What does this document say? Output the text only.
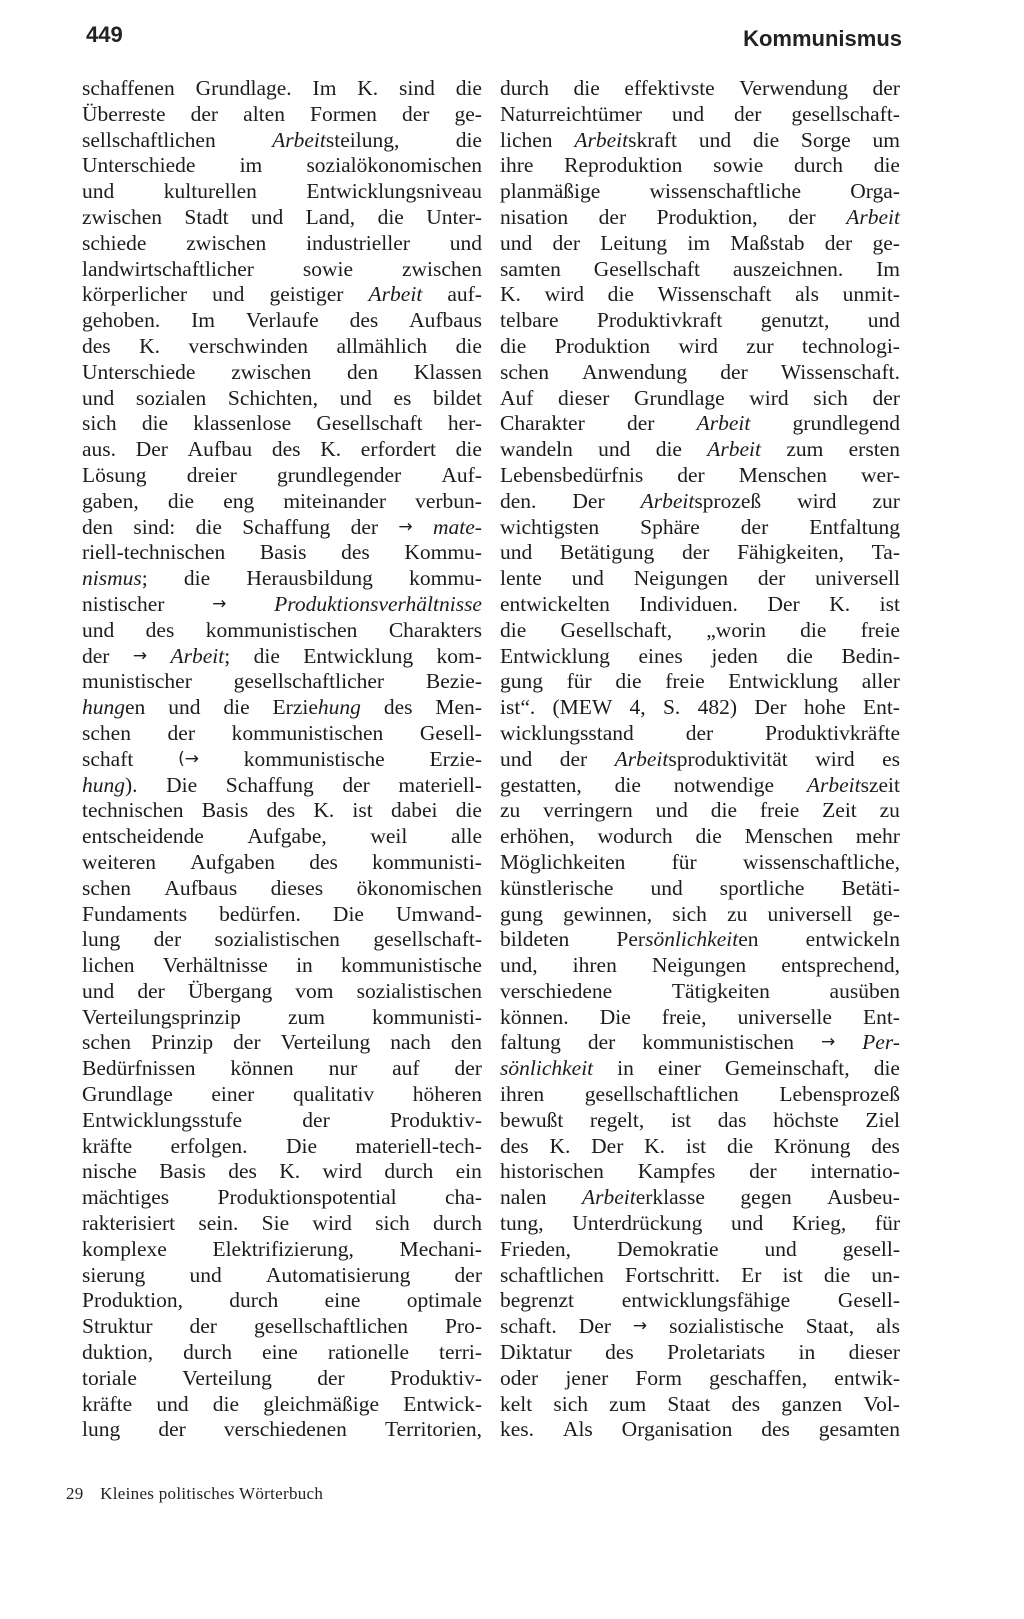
449	Kommunismus
schaffenen Grundlage. Im K. sind die
Überreste der alten Formen der ge-
sellschaftlichen	Arbeitsteilung,	die
Unterschiede im sozialökonomischen
und kulturellen Entwicklungsniveau
zwischen Stadt und Land, die Unter-
schiede zwischen industrieller und
landwirtschaftlicher sowie zwischen
körperlicher und geistiger Arbeit auf-
gehoben. Im Verlaufe des Aufbaus
des K. verschwinden allmählich die
Unterschiede zwischen den Klassen
und sozialen Schichten, und es bildet
sich die klassenlose Gesellschaft her-
aus. Der Aufbau des K. erfordert die
Lösung dreier grundlegender Auf-
gaben, die eng miteinander verbun-
den sind: die Schaffung der → mate-
riell-technischen Basis des Kommu-
nismus; die Herausbildung kommu-
nistischer	→ Produktionsverhältnisse
und des kommunistischen Charakters
der → Arbeit; die Entwicklung kom-
munistischer gesellschaftlicher Bezie-
hungen und die Erziehung des Men-
schen der kommunistischen Gesell-
schaft	(→ kommunistische Erzie-
hung). Die Schaffung der materiell-
technischen Basis des K. ist dabei die
entscheidende Aufgabe, weil alle
weiteren Aufgaben des kommunisti-
schen Aufbaus dieses ökonomischen
Fundaments bedürfen. Die Umwand-
lung der sozialistischen gesellschaft-
lichen Verhältnisse in kommunistische
und der Übergang vom sozialistischen
Verteilungsprinzip zum kommunisti-
schen Prinzip der Verteilung nach den
Bedürfnissen können nur auf der
Grundlage einer qualitativ höheren
Entwicklungsstufe	der	Produktiv-
kräfte erfolgen. Die materiell-tech-
nische Basis des K. wird durch ein
mächtiges Produktionspotential cha-
rakterisiert sein. Sie wird sich durch
komplexe Elektrifizierung, Mechani-
sierung und Automatisierung der
Produktion, durch eine optimale
Struktur der gesellschaftlichen Pro-
duktion, durch eine rationelle terri-
toriale Verteilung der Produktiv-
kräfte und die gleichmäßige Entwick-
lung der verschiedenen Territorien,
durch die effektivste Verwendung der
Naturreichtümer und der gesellschaft-
lichen Arbeitskraft und die Sorge um
ihre Reproduktion sowie durch die
planmäßige wissenschaftliche Orga-
nisation der Produktion, der Arbeit
und der Leitung im Maßstab der ge-
samten Gesellschaft auszeichnen. Im
K. wird die Wissenschaft als unmit-
telbare Produktivkraft genutzt, und
die Produktion wird zur technologi-
schen Anwendung der Wissenschaft.
Auf dieser Grundlage wird sich der
Charakter der Arbeit grundlegend
wandeln und die Arbeit zum ersten
Lebensbedürfnis der Menschen wer-
den. Der Arbeitsprozeß wird zur
wichtigsten Sphäre der Entfaltung
und Betätigung der Fähigkeiten, Ta-
lente und Neigungen der universell
entwickelten Individuen. Der K. ist
die Gesellschaft, „worin die freie
Entwicklung eines jeden die Bedin-
gung für die freie Entwicklung aller
ist“. (MEW 4, S. 482) Der hohe Ent-
wicklungsstand der Produktivkräfte
und der Arbeitsproduktivität wird es
gestatten, die notwendige Arbeitszeit
zu verringern und die freie Zeit zu
erhöhen, wodurch die Menschen mehr
Möglichkeiten für wissenschaftliche,
künstlerische und sportliche Betäti-
gung gewinnen, sich zu universell ge-
bildeten Persönlichkeiten entwickeln
und, ihren Neigungen entsprechend,
verschiedene	Tätigkeiten	ausüben
können. Die freie, universelle Ent-
faltung der kommunistischen → Per-
sönlichkeit in einer Gemeinschaft, die
ihren gesellschaftlichen Lebensprozeß
bewußt regelt, ist das höchste Ziel
des K. Der K. ist die Krönung des
historischen Kampfes der internatio-
nalen Arbeiterklasse gegen Ausbeu-
tung, Unterdrückung und Krieg, für
Frieden, Demokratie und gesell-
schaftlichen Fortschritt. Er ist die un-
begrenzt entwicklungsfähige Gesell-
schaft. Der → sozialistische Staat, als
Diktatur des Proletariats in dieser
oder jener Form geschaffen, entwik-
kelt sich zum Staat des ganzen Vol-
kes. Als Organisation des gesamten
29 Kleines politisches Wörterbuch
